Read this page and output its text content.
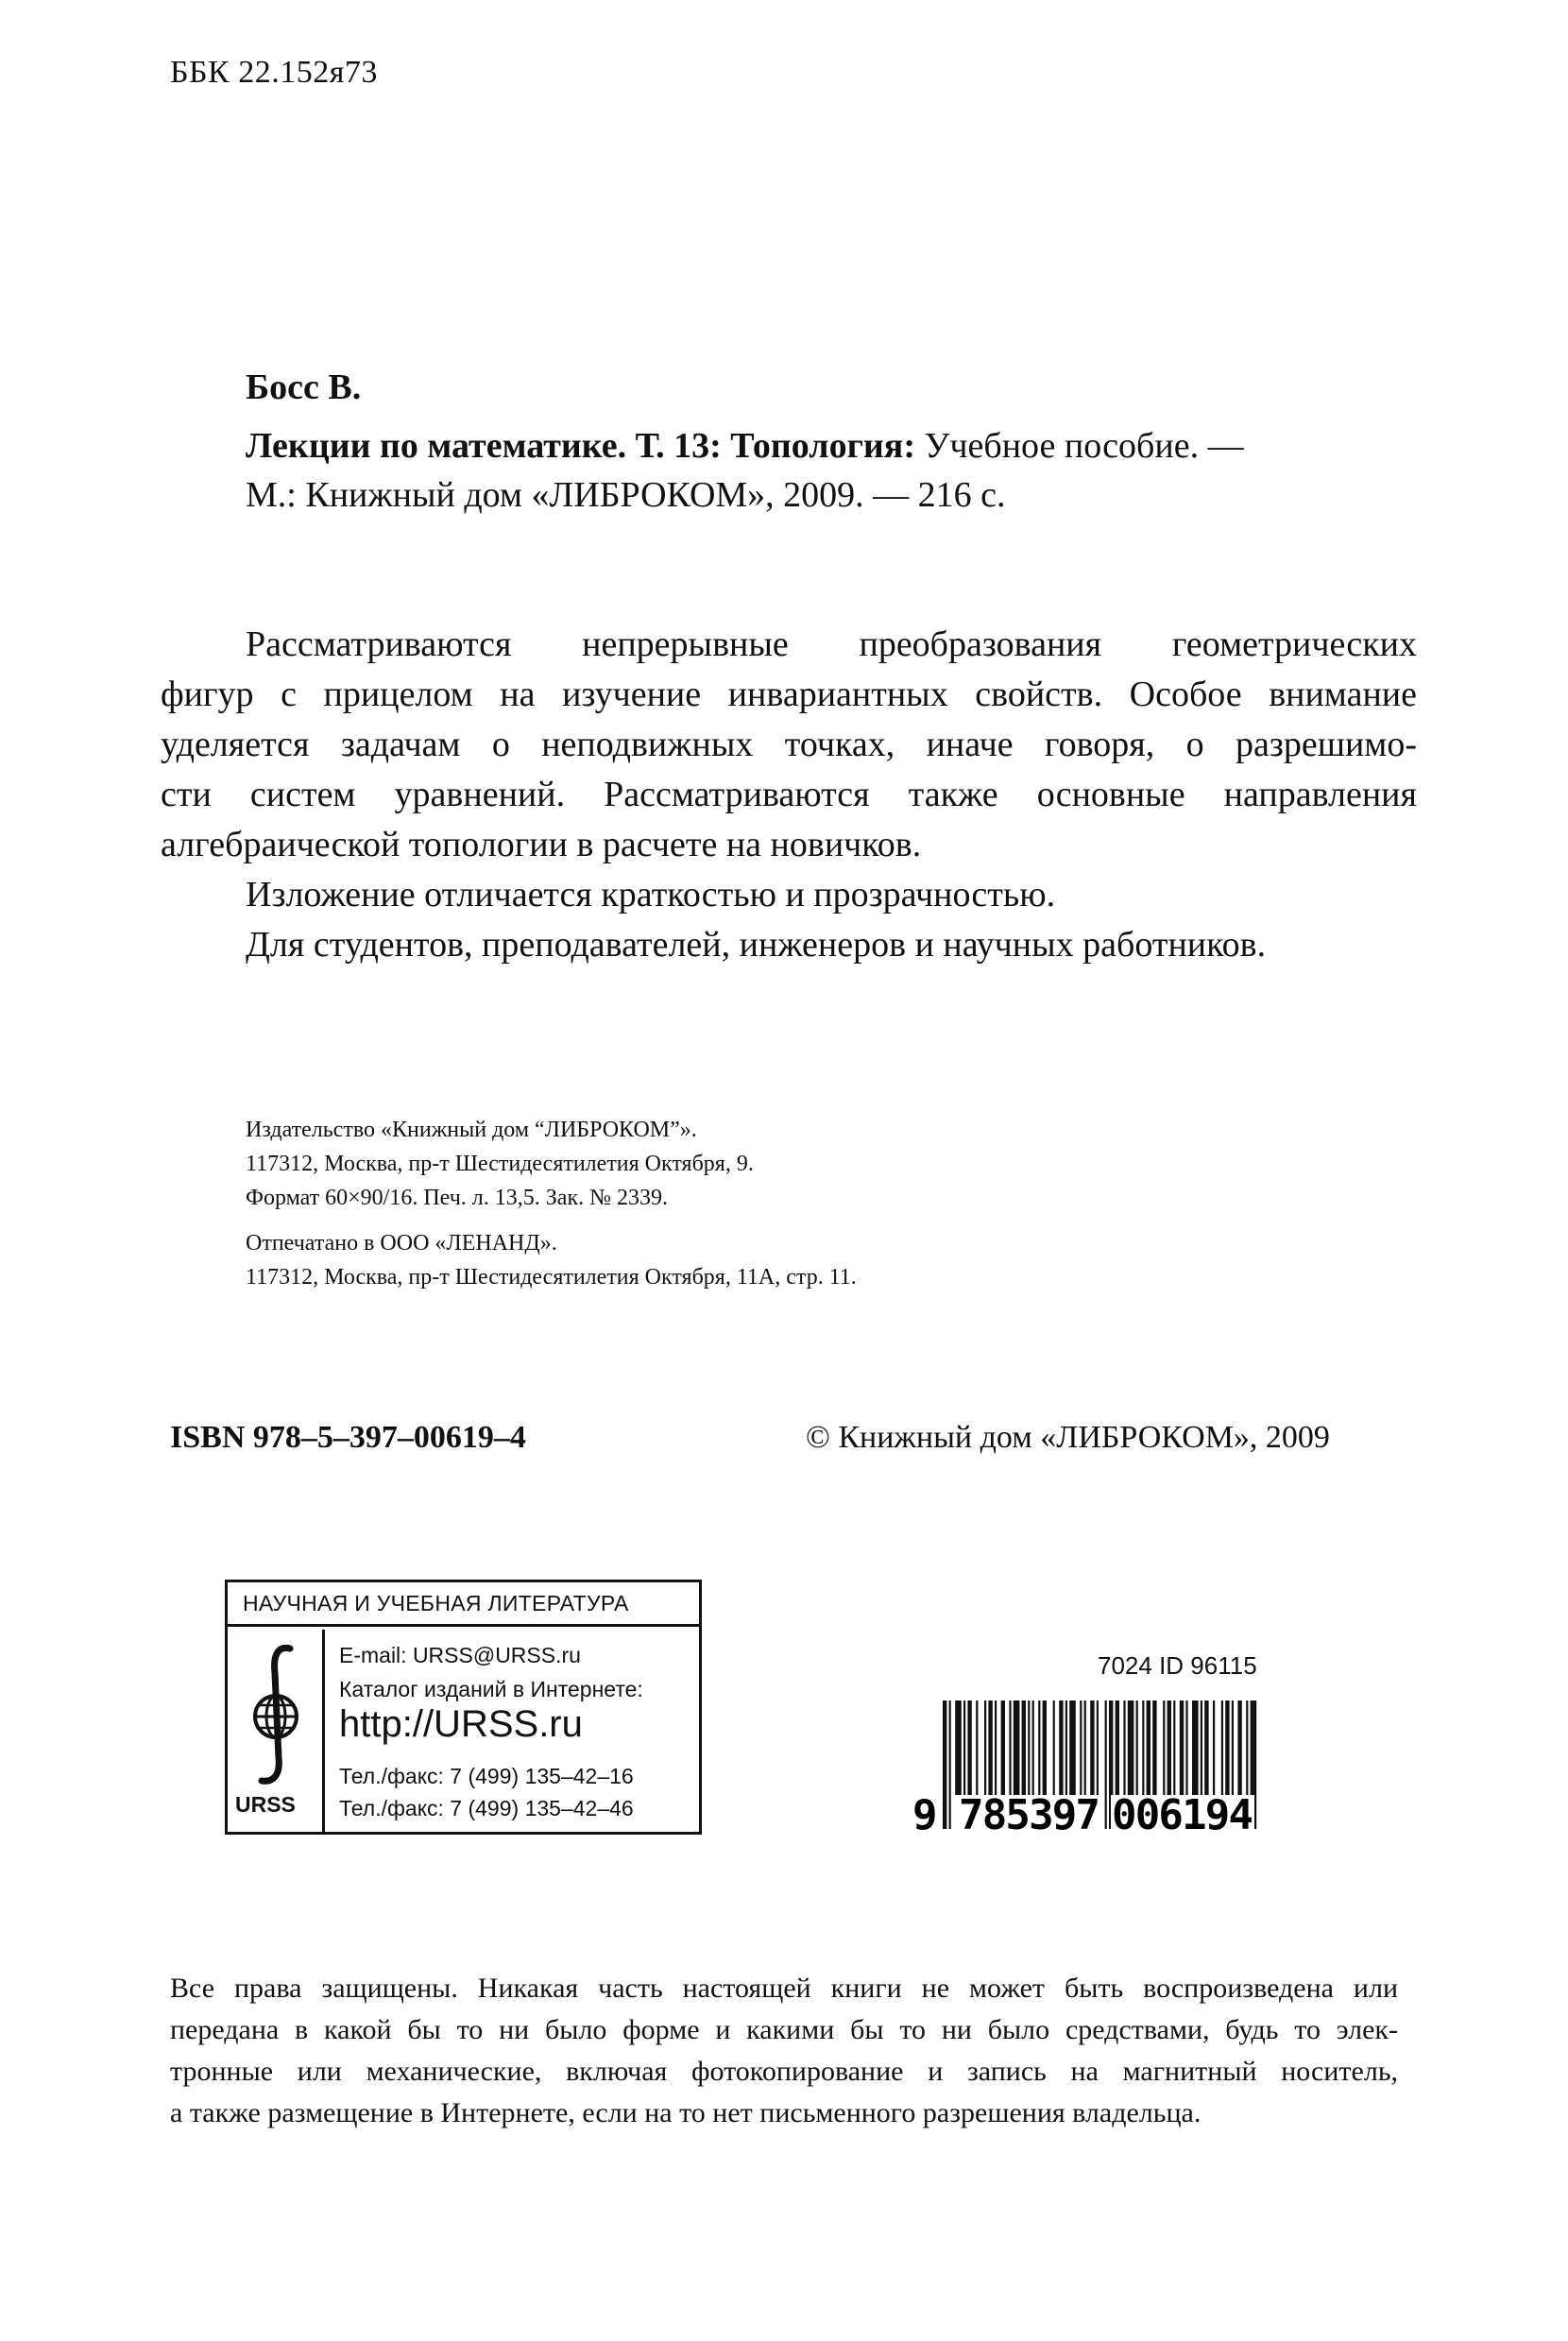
ББК 22.152я73
Босс В.
Лекции по математике. Т. 13: Топология: Учебное пособие. —
М.: Книжный дом «ЛИБРОКОМ», 2009. — 216 с.
Рассматриваются непрерывные преобразования геометрических
фигур с прицелом на изучение инвариантных свойств. Особое внимание
уделяется задачам о неподвижных точках, иначе говоря, о разрешимо-
сти систем уравнений. Рассматриваются также основные направления
алгебраической топологии в расчете на новичков.
Изложение отличается краткостью и прозрачностью.
Для студентов, преподавателей, инженеров и научных работников.
Издательство «Книжный дом “ЛИБРОКОМ”».
117312, Москва, пр-т Шестидесятилетия Октября, 9.
Формат 60×90/16. Печ. л. 13,5. Зак. № 2339.
Отпечатано в ООО «ЛЕНАНД».
117312, Москва, пр-т Шестидесятилетия Октября, 11А, стр. 11.
ISBN 978–5–397–00619–4	© Книжный дом «ЛИБРОКОМ», 2009
НАУЧНАЯ И УЧЕБНАЯ ЛИТЕРАТУРА
URSS
E-mail: URSS@URSS.ru
Каталог изданий в Интернете:
http://URSS.ru
Тел./факс: 7 (499) 135–42–16
Тел./факс: 7 (499) 135–42–46
7024 ID 96115
9 785397 006194
Все права защищены. Никакая часть настоящей книги не может быть воспроизведена или
передана в какой бы то ни было форме и какими бы то ни было средствами, будь то элек-
тронные или механические, включая фотокопирование и запись на магнитный носитель,
а также размещение в Интернете, если на то нет письменного разрешения владельца.
